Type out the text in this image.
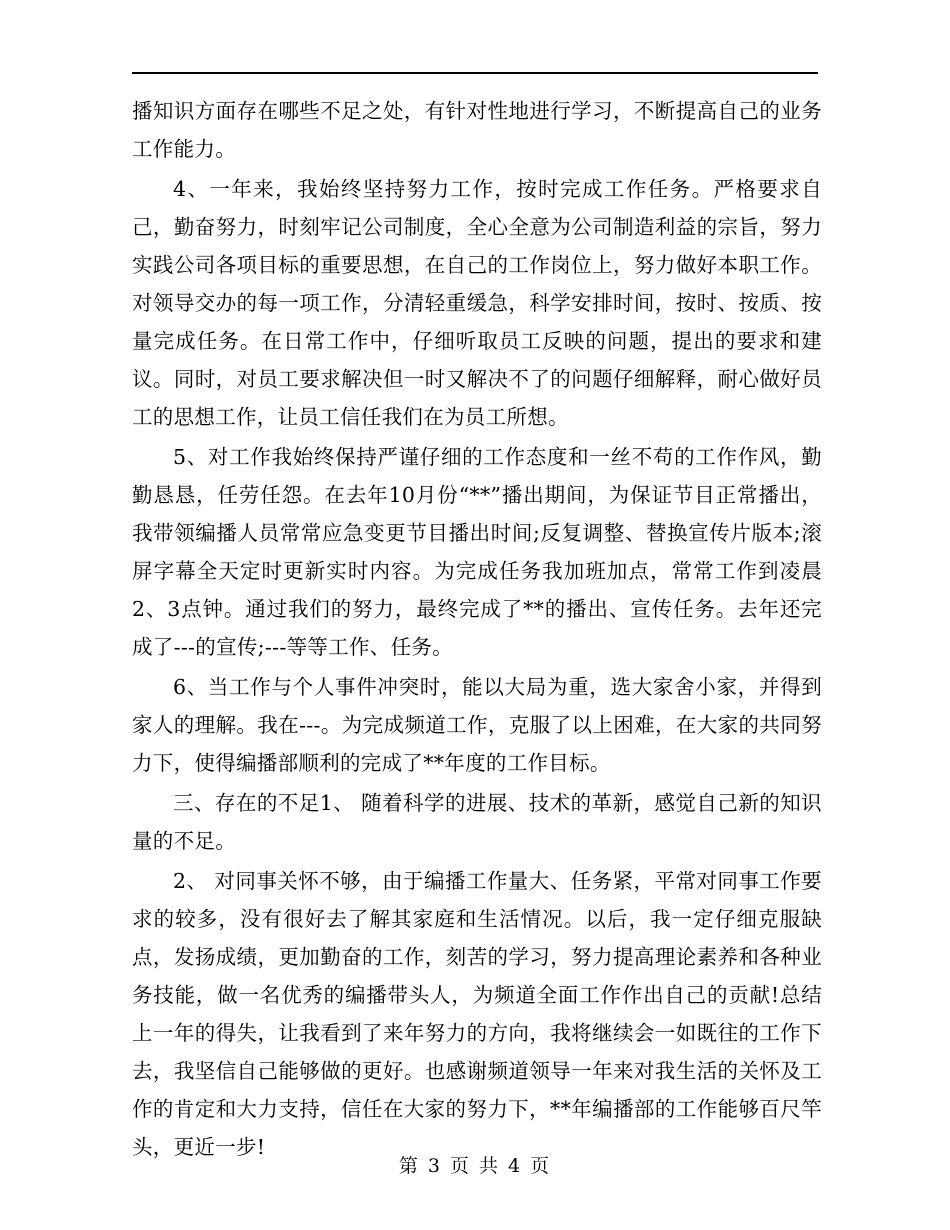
播知识方面存在哪些不足之处，有针对性地进行学习，不断提高自己的业务工作能力。

4、一年来，我始终坚持努力工作，按时完成工作任务。严格要求自己，勤奋努力，时刻牢记公司制度，全心全意为公司制造利益的宗旨，努力实践公司各项目标的重要思想，在自己的工作岗位上，努力做好本职工作。对领导交办的每一项工作，分清轻重缓急，科学安排时间，按时、按质、按量完成任务。在日常工作中，仔细听取员工反映的问题，提出的要求和建议。同时，对员工要求解决但一时又解决不了的问题仔细解释，耐心做好员工的思想工作，让员工信任我们在为员工所想。

5、对工作我始终保持严谨仔细的工作态度和一丝不苟的工作作风，勤勤恳恳，任劳任怨。在去年10月份“**”播出期间，为保证节目正常播出，我带领编播人员常常应急变更节目播出时间;反复调整、替换宣传片版本;滚屏字幕全天定时更新实时内容。为完成任务我加班加点，常常工作到凌晨2、3点钟。通过我们的努力，最终完成了**的播出、宣传任务。去年还完成了---的宣传;---等等工作、任务。

6、当工作与个人事件冲突时，能以大局为重，选大家舍小家，并得到家人的理解。我在---。为完成频道工作，克服了以上困难，在大家的共同努力下，使得编播部顺利的完成了**年度的工作目标。

三、存在的不足1、 随着科学的进展、技术的革新，感觉自己新的知识量的不足。

2、 对同事关怀不够，由于编播工作量大、任务紧，平常对同事工作要求的较多，没有很好去了解其家庭和生活情况。以后，我一定仔细克服缺点，发扬成绩，更加勤奋的工作，刻苦的学习，努力提高理论素养和各种业务技能，做一名优秀的编播带头人，为频道全面工作作出自己的贡献!总结上一年的得失，让我看到了来年努力的方向，我将继续会一如既往的工作下去，我坚信自己能够做的更好。也感谢频道领导一年来对我生活的关怀及工作的肯定和大力支持，信任在大家的努力下，**年编播部的工作能够百尺竿头，更近一步!

第 3 页 共 4 页
